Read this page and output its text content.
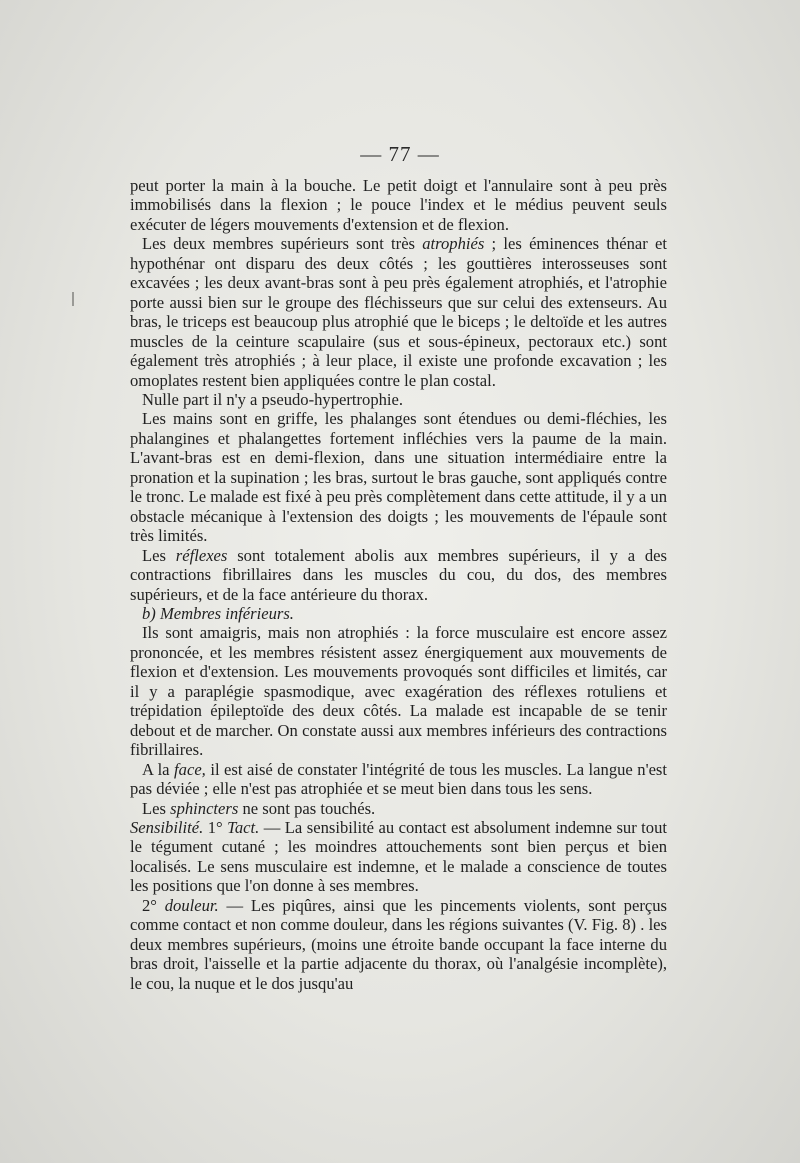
— 77 —

peut porter la main à la bouche. Le petit doigt et l'annulaire sont à peu près immobilisés dans la flexion ; le pouce l'index et le médius peuvent seuls exécuter de légers mouvements d'extension et de flexion.

Les deux membres supérieurs sont très atrophiés ; les éminences thénar et hypothénar ont disparu des deux côtés ; les gouttières interosseuses sont excavées ; les deux avant-bras sont à peu près également atrophiés, et l'atrophie porte aussi bien sur le groupe des fléchisseurs que sur celui des extenseurs. Au bras, le triceps est beaucoup plus atrophié que le biceps ; le deltoïde et les autres muscles de la ceinture scapulaire (sus et sous-épineux, pectoraux etc.) sont également très atrophiés ; à leur place, il existe une profonde excavation ; les omoplates restent bien appliquées contre le plan costal.

Nulle part il n'y a pseudo-hypertrophie.

Les mains sont en griffe, les phalanges sont étendues ou demi-fléchies, les phalangines et phalangettes fortement infléchies vers la paume de la main. L'avant-bras est en demi-flexion, dans une situation intermédiaire entre la pronation et la supination ; les bras, surtout le bras gauche, sont appliqués contre le tronc. Le malade est fixé à peu près complètement dans cette attitude, il y a un obstacle mécanique à l'extension des doigts ; les mouvements de l'épaule sont très limités.

Les réflexes sont totalement abolis aux membres supérieurs, il y a des contractions fibrillaires dans les muscles du cou, du dos, des membres supérieurs, et de la face antérieure du thorax.

b) Membres inférieurs.

Ils sont amaigris, mais non atrophiés : la force musculaire est encore assez prononcée, et les membres résistent assez énergiquement aux mouvements de flexion et d'extension. Les mouvements provoqués sont difficiles et limités, car il y a paraplégie spasmodique, avec exagération des réflexes rotuliens et trépidation épileptoïde des deux côtés. La malade est incapable de se tenir debout et de marcher. On constate aussi aux membres inférieurs des contractions fibrillaires.

A la face, il est aisé de constater l'intégrité de tous les muscles. La langue n'est pas déviée ; elle n'est pas atrophiée et se meut bien dans tous les sens.

Les sphincters ne sont pas touchés.

Sensibilité. 1° Tact. — La sensibilité au contact est absolument indemne sur tout le tégument cutané ; les moindres attouchements sont bien perçus et bien localisés. Le sens musculaire est indemne, et le malade a conscience de toutes les positions que l'on donne à ses membres.

2° douleur. — Les piqûres, ainsi que les pincements violents, sont perçus comme contact et non comme douleur, dans les régions suivantes (V. Fig. 8) . les deux membres supérieurs, (moins une étroite bande occupant la face interne du bras droit, l'aisselle et la partie adjacente du thorax, où l'analgésie incomplète), le cou, la nuque et le dos jusqu'au
